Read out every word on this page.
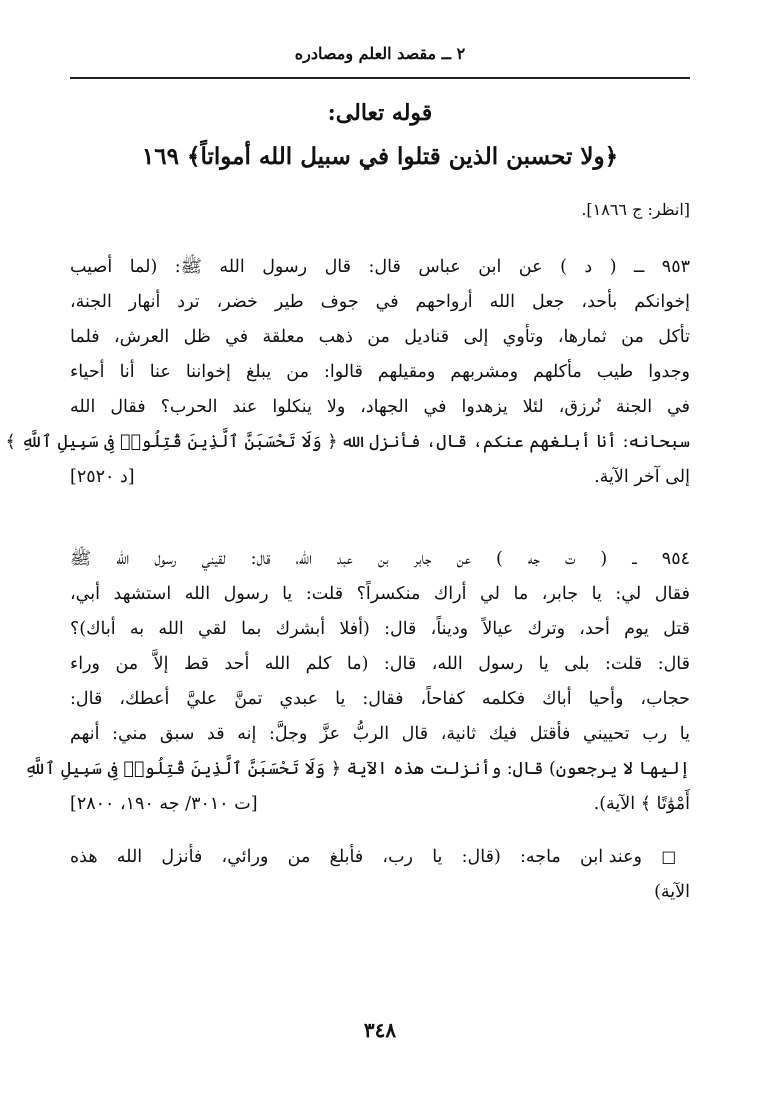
٢ ــ مقصد العلم ومصادره
قوله تعالى:
﴿ولا تحسبن الذين قتلوا في سبيل الله أمواتاً﴾ ١٦٩
[انظر: ج ١٨٦٦].
٩٥٣ ــ ( د ) عن ابن عباس قال: قال رسول الله ﷺ: (لما أصيب
إخوانكم بأحد، جعل الله أرواحهم في جوف طير خضر، ترد أنهار الجنة،
تأكل من ثمارها، وتأوي إلى قناديل من ذهب معلقة في ظل العرش، فلما
وجدوا طيب مأكلهم ومشربهم ومقيلهم قالوا: من يبلغ إخواننا عنا أنا أحياء
في الجنة نُرزق، لئلا يزهدوا في الجهاد، ولا ينكلوا عند الحرب؟ فقال الله
سبحانه: أنا أبلغهم عنكم، قال، فأنزل الله ﴿ وَلَا تَحْسَبَنَّ ٱلَّذِينَ قُتِلُوا۟ فِى سَبِيلِ ٱللَّهِ ﴾
إلى آخر الآية.
[د ٢٥٢٠]
٩٥٤ ــ ( ت جه ) عن جابر بن عبد الله، قال: لقيني رسول الله ﷺ
فقال لي: يا جابر، ما لي أراك منكسراً؟ قلت: يا رسول الله استشهد أبي،
قتل يوم أحد، وترك عيالاً وديناً، قال: (أفلا أبشرك بما لقي الله به أباك)؟
قال: قلت: بلى يا رسول الله، قال: (ما كلم الله أحد قط إلاَّ من وراء
حجاب، وأحيا أباك فكلمه كفاحاً، فقال: يا عبدي تمنَّ عليَّ أعطك، قال:
يا رب تحييني فأقتل فيك ثانية، قال الربُّ عزَّ وجلَّ: إنه قد سبق مني: أنهم
إليها لا يرجعون) قال: وأنزلت هذه الآية ﴿ وَلَا تَحْسَبَنَّ ٱلَّذِينَ قُتِلُوا۟ فِى سَبِيلِ ٱللَّهِ
أَمْوَٰتًا ﴾ الآية).
[ت ٣٠١٠/ جه ١٩٠، ٢٨٠٠]
□ وعند ابن ماجه: (قال: يا رب، فأبلغ من ورائي، فأنزل الله هذه
الآية)
٣٤٨
